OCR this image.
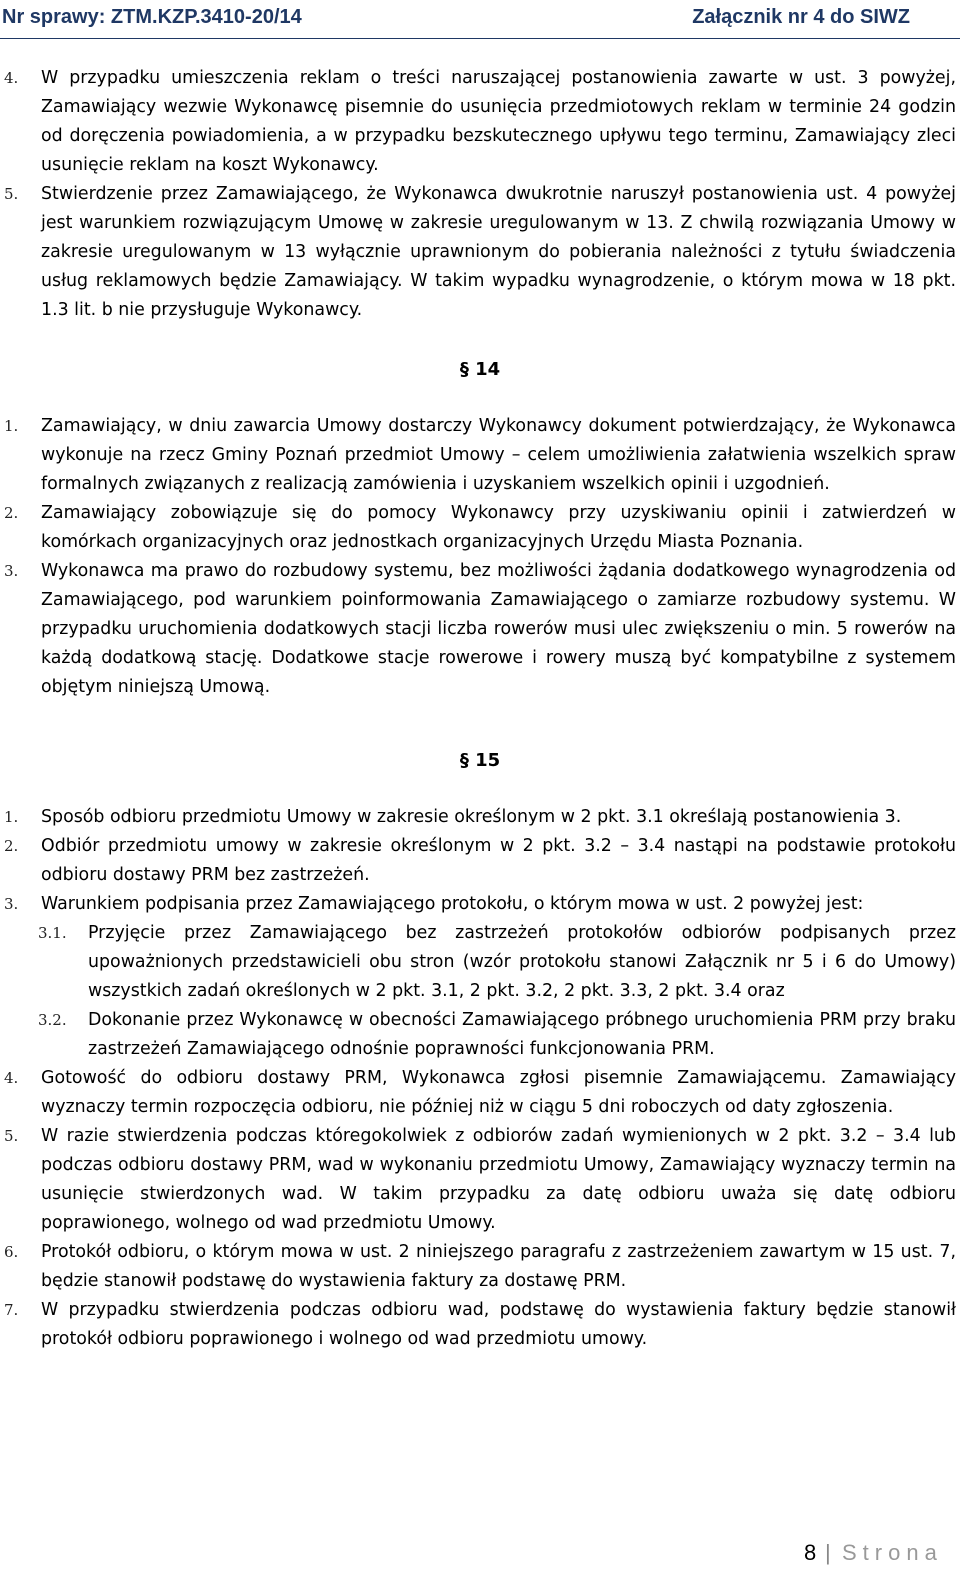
Nr sprawy: ZTM.KZP.3410-20/14	Załącznik nr 4 do SIWZ

4. W przypadku umieszczenia reklam o treści naruszającej postanowienia zawarte w ust. 3 powyżej, Zamawiający wezwie Wykonawcę pisemnie do usunięcia przedmiotowych reklam w terminie 24 godzin od doręczenia powiadomienia, a w przypadku bezskutecznego upływu tego terminu, Zamawiający zleci usunięcie reklam na koszt Wykonawcy.

5. Stwierdzenie przez Zamawiającego, że Wykonawca dwukrotnie naruszył postanowienia ust. 4 powyżej jest warunkiem rozwiązującym Umowę w zakresie uregulowanym w 13. Z chwilą rozwiązania Umowy w zakresie uregulowanym w 13 wyłącznie uprawnionym do pobierania należności z tytułu świadczenia usług reklamowych będzie Zamawiający. W takim wypadku wynagrodzenie, o którym mowa w 18 pkt. 1.3 lit. b nie przysługuje Wykonawcy.

§ 14

1. Zamawiający, w dniu zawarcia Umowy dostarczy Wykonawcy dokument potwierdzający, że Wykonawca wykonuje na rzecz Gminy Poznań przedmiot Umowy – celem umożliwienia załatwienia wszelkich spraw formalnych związanych z realizacją zamówienia i uzyskaniem wszelkich opinii i uzgodnień.

2. Zamawiający zobowiązuje się do pomocy Wykonawcy przy uzyskiwaniu opinii i zatwierdzeń w komórkach organizacyjnych oraz jednostkach organizacyjnych Urzędu Miasta Poznania.

3. Wykonawca ma prawo do rozbudowy systemu, bez możliwości żądania dodatkowego wynagrodzenia od Zamawiającego, pod warunkiem poinformowania Zamawiającego o zamiarze rozbudowy systemu. W przypadku uruchomienia dodatkowych stacji liczba rowerów musi ulec zwiększeniu o min. 5 rowerów na każdą dodatkową stację. Dodatkowe stacje rowerowe i rowery muszą być kompatybilne z systemem objętym niniejszą Umową.

§ 15

1. Sposób odbioru przedmiotu Umowy w zakresie określonym w 2 pkt. 3.1 określają postanowienia 3.

2. Odbiór przedmiotu umowy w zakresie określonym w 2 pkt. 3.2 – 3.4 nastąpi na podstawie protokołu odbioru dostawy PRM bez zastrzeżeń.

3. Warunkiem podpisania przez Zamawiającego protokołu, o którym mowa w ust. 2 powyżej jest:

3.1. Przyjęcie przez Zamawiającego bez zastrzeżeń protokołów odbiorów podpisanych przez upoważnionych przedstawicieli obu stron (wzór protokołu stanowi Załącznik nr 5 i 6 do Umowy) wszystkich zadań określonych w 2 pkt. 3.1, 2 pkt. 3.2, 2 pkt. 3.3, 2 pkt. 3.4 oraz

3.2. Dokonanie przez Wykonawcę w obecności Zamawiającego próbnego uruchomienia PRM przy braku zastrzeżeń Zamawiającego odnośnie poprawności funkcjonowania PRM.

4. Gotowość do odbioru dostawy PRM, Wykonawca zgłosi pisemnie Zamawiającemu. Zamawiający wyznaczy termin rozpoczęcia odbioru, nie później niż w ciągu 5 dni roboczych od daty zgłoszenia.

5. W razie stwierdzenia podczas któregokolwiek z odbiorów zadań wymienionych w 2 pkt. 3.2 – 3.4 lub podczas odbioru dostawy PRM, wad w wykonaniu przedmiotu Umowy, Zamawiający wyznaczy termin na usunięcie stwierdzonych wad. W takim przypadku za datę odbioru uważa się datę odbioru poprawionego, wolnego od wad przedmiotu Umowy.

6. Protokół odbioru, o którym mowa w ust. 2 niniejszego paragrafu z zastrzeżeniem zawartym w 15 ust. 7, będzie stanowił podstawę do wystawienia faktury za dostawę PRM.

7. W przypadku stwierdzenia podczas odbioru wad, podstawę do wystawienia faktury będzie stanowił protokół odbioru poprawionego i wolnego od wad przedmiotu umowy.

8 | Strona
